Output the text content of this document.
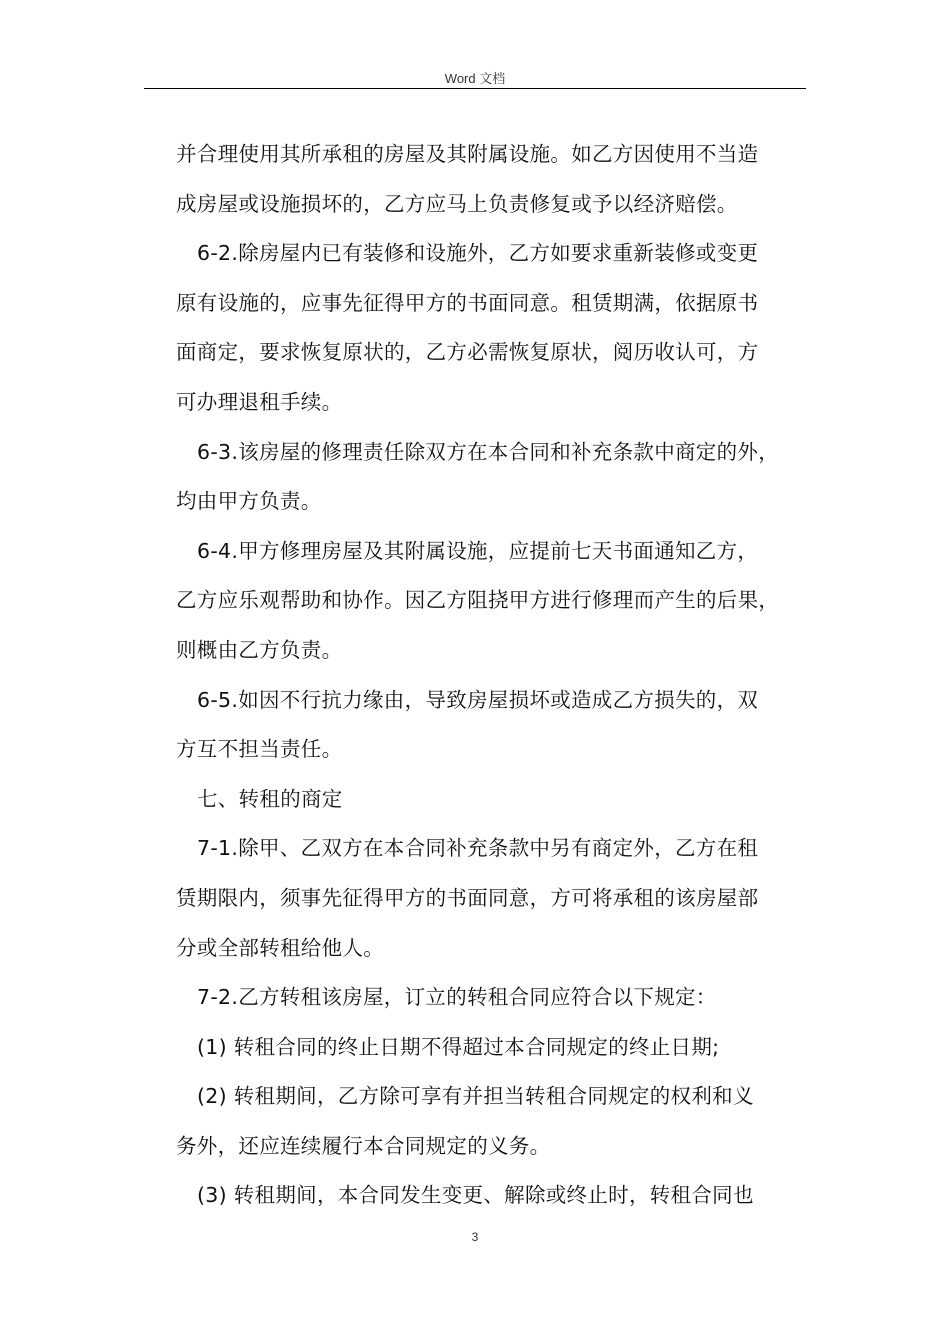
Word 文档
并合理使用其所承租的房屋及其附属设施。如乙方因使用不当造
成房屋或设施损坏的，乙方应马上负责修复或予以经济赔偿。
6-2.除房屋内已有装修和设施外，乙方如要求重新装修或变更
原有设施的，应事先征得甲方的书面同意。租赁期满，依据原书
面商定，要求恢复原状的，乙方必需恢复原状，阅历收认可，方
可办理退租手续。
6-3.该房屋的修理责任除双方在本合同和补充条款中商定的外，
均由甲方负责。
6-4.甲方修理房屋及其附属设施，应提前七天书面通知乙方，
乙方应乐观帮助和协作。因乙方阻挠甲方进行修理而产生的后果，
则概由乙方负责。
6-5.如因不行抗力缘由，导致房屋损坏或造成乙方损失的，双
方互不担当责任。
七、转租的商定
7-1.除甲、乙双方在本合同补充条款中另有商定外，乙方在租
赁期限内，须事先征得甲方的书面同意，方可将承租的该房屋部
分或全部转租给他人。
7-2.乙方转租该房屋，订立的转租合同应符合以下规定：
(1) 转租合同的终止日期不得超过本合同规定的终止日期;
(2) 转租期间，乙方除可享有并担当转租合同规定的权利和义
务外，还应连续履行本合同规定的义务。
(3) 转租期间，本合同发生变更、解除或终止时，转租合同也
3
